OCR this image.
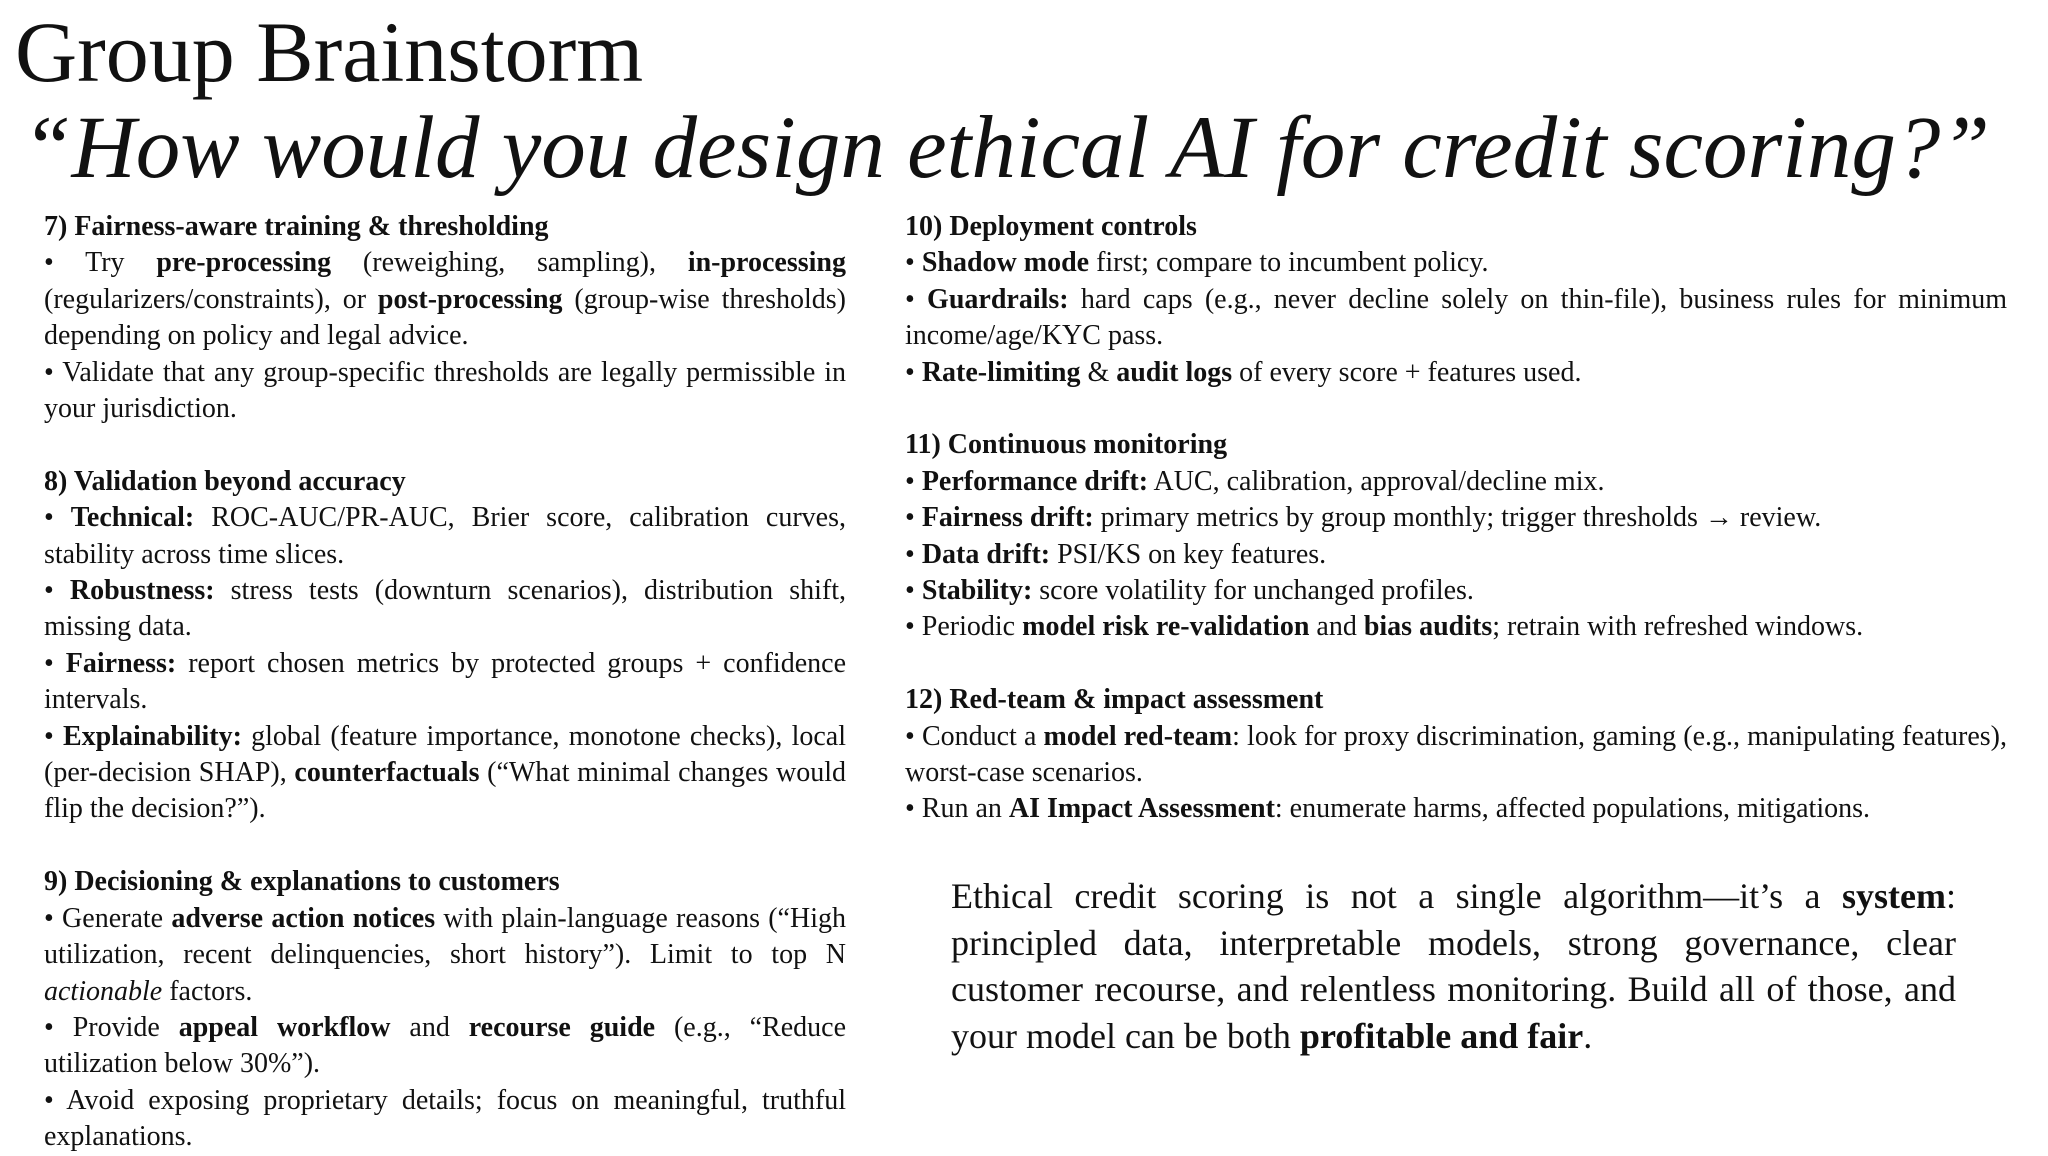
Group Brainstorm
“How would you design ethical AI for credit scoring?”
7) Fairness-aware training & thresholding
• Try pre-processing (reweighing, sampling), in-processing (regularizers/constraints), or post-processing (group-wise thresholds) depending on policy and legal advice.
• Validate that any group-specific thresholds are legally permissible in your jurisdiction.
8) Validation beyond accuracy
• Technical: ROC-AUC/PR-AUC, Brier score, calibration curves, stability across time slices.
• Robustness: stress tests (downturn scenarios), distribution shift, missing data.
• Fairness: report chosen metrics by protected groups + confidence intervals.
• Explainability: global (feature importance, monotone checks), local (per-decision SHAP), counterfactuals (“What minimal changes would flip the decision?”).
9) Decisioning & explanations to customers
• Generate adverse action notices with plain-language reasons (“High utilization, recent delinquencies, short history”). Limit to top N actionable factors.
• Provide appeal workflow and recourse guide (e.g., “Reduce utilization below 30%”).
• Avoid exposing proprietary details; focus on meaningful, truthful explanations.
10) Deployment controls
• Shadow mode first; compare to incumbent policy.
• Guardrails: hard caps (e.g., never decline solely on thin-file), business rules for minimum income/age/KYC pass.
• Rate-limiting & audit logs of every score + features used.
11) Continuous monitoring
• Performance drift: AUC, calibration, approval/decline mix.
• Fairness drift: primary metrics by group monthly; trigger thresholds → review.
• Data drift: PSI/KS on key features.
• Stability: score volatility for unchanged profiles.
• Periodic model risk re-validation and bias audits; retrain with refreshed windows.
12) Red-team & impact assessment
• Conduct a model red-team: look for proxy discrimination, gaming (e.g., manipulating features), worst-case scenarios.
• Run an AI Impact Assessment: enumerate harms, affected populations, mitigations.
Ethical credit scoring is not a single algorithm—it’s a system: principled data, interpretable models, strong governance, clear customer recourse, and relentless monitoring. Build all of those, and your model can be both profitable and fair.
